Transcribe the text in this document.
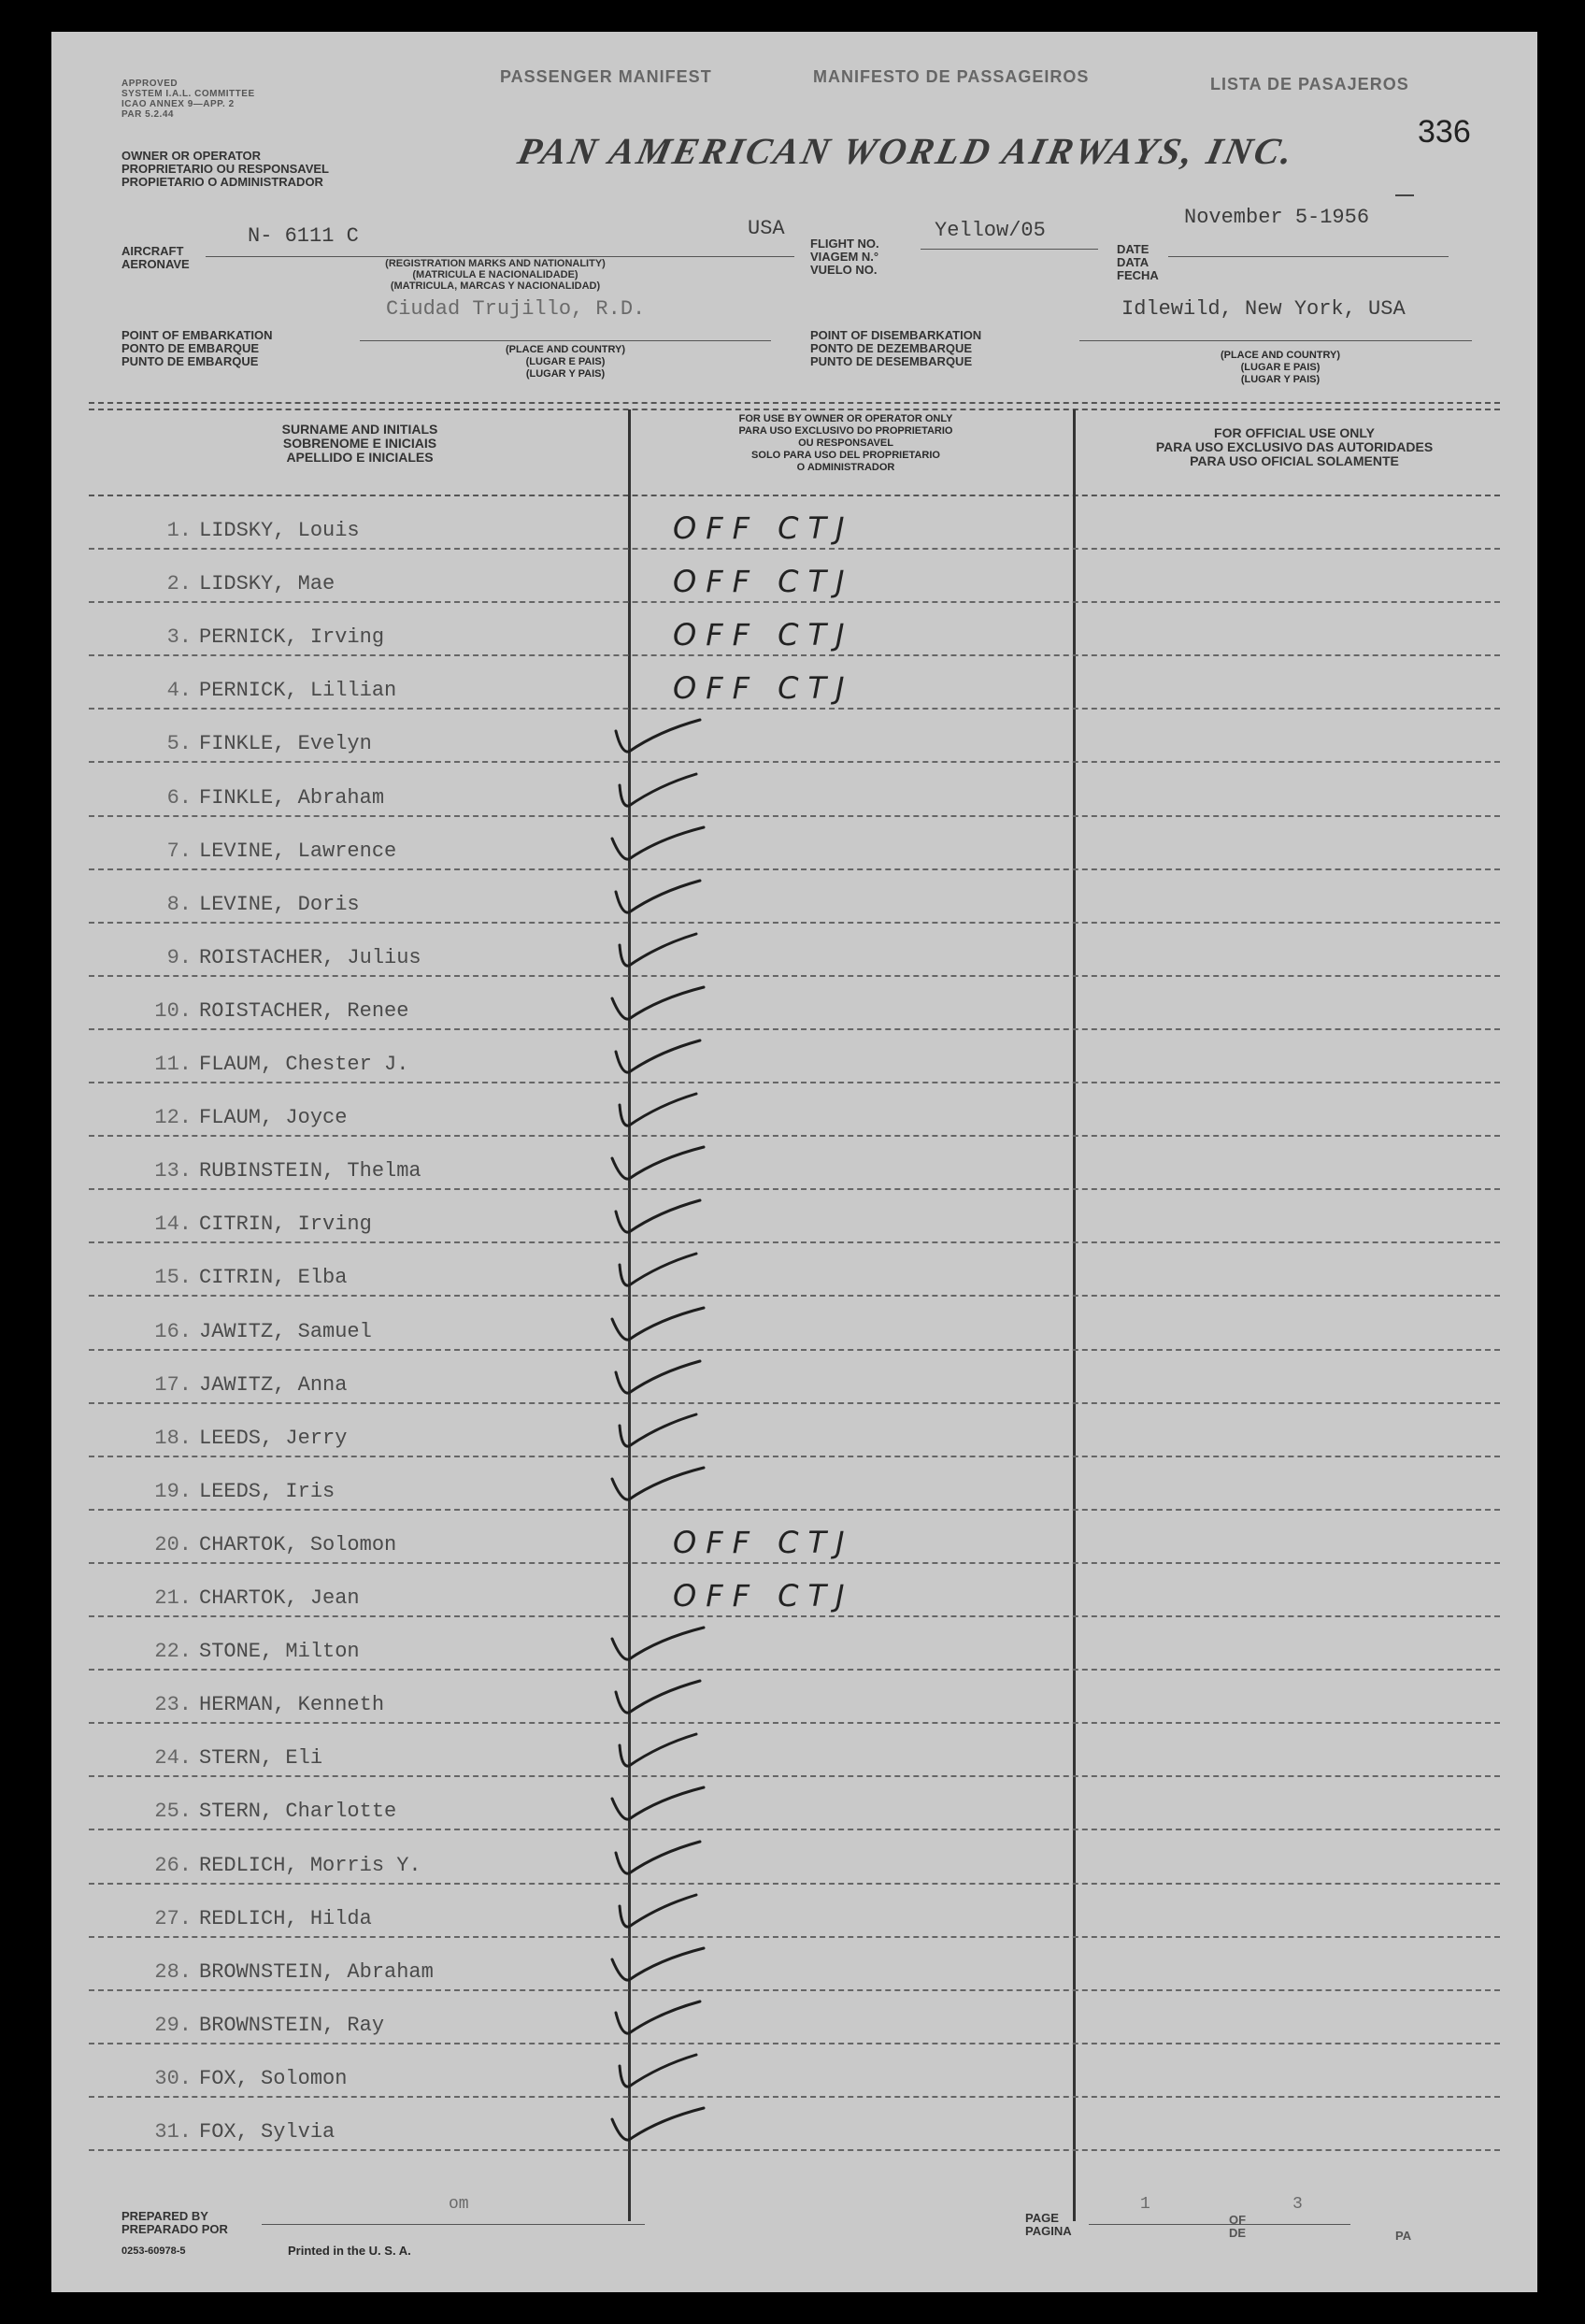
APPROVED
SYSTEM I.A.L. COMMITTEE
ICAO ANNEX 9—APP. 2
PAR 5.2.44
PASSENGER MANIFEST	MANIFESTO DE PASSAGEIROS	LISTA DE PASAJEROS
336
OWNER OR OPERATOR
PROPRIETARIO OU RESPONSAVEL
PROPIETARIO O ADMINISTRADOR
PAN AMERICAN WORLD AIRWAYS, INC.
AIRCRAFT
AERONAVE
N- 6111 C	USA
(REGISTRATION MARKS AND NATIONALITY)
(MATRICULA E NACIONALIDADE)
(MATRICULA, MARCAS Y NACIONALIDAD)
FLIGHT NO.
VIAGEM N.°
VUELO NO.
Yellow/05
DATE
DATA
FECHA
November 5-1956
POINT OF EMBARKATION
PONTO DE EMBARQUE
PUNTO DE EMBARQUE
Ciudad Trujillo, R.D.
(PLACE AND COUNTRY)
(LUGAR E PAIS)
(LUGAR Y PAIS)
POINT OF DISEMBARKATION
PONTO DE DEZEMBARQUE
PUNTO DE DESEMBARQUE
Idlewild, New York, USA
(PLACE AND COUNTRY)
(LUGAR E PAIS)
(LUGAR Y PAIS)
SURNAME AND INITIALS
SOBRENOME E INICIAIS
APELLIDO E INICIALES
FOR USE BY OWNER OR OPERATOR ONLY
PARA USO EXCLUSIVO DO PROPRIETARIO
OU RESPONSAVEL
SOLO PARA USO DEL PROPRIETARIO
O ADMINISTRADOR
FOR OFFICIAL USE ONLY
PARA USO EXCLUSIVO DAS AUTORIDADES
PARA USO OFICIAL SOLAMENTE
1. LIDSKY, Louis	OFF CTJ
2. LIDSKY, Mae	OFF CTJ
3. PERNICK, Irving	OFF CTJ
4. PERNICK, Lillian	OFF CTJ
5. FINKLE, Evelyn
6. FINKLE, Abraham
7. LEVINE, Lawrence
8. LEVINE, Doris
9. ROISTACHER, Julius
10. ROISTACHER, Renee
11. FLAUM, Chester J.
12. FLAUM, Joyce
13. RUBINSTEIN, Thelma
14. CITRIN, Irving
15. CITRIN, Elba
16. JAWITZ, Samuel
17. JAWITZ, Anna
18. LEEDS, Jerry
19. LEEDS, Iris
20. CHARTOK, Solomon	OFF CTJ
21. CHARTOK, Jean	OFF CTJ
22. STONE, Milton
23. HERMAN, Kenneth
24. STERN, Eli
25. STERN, Charlotte
26. REDLICH, Morris Y.
27. REDLICH, Hilda
28. BROWNSTEIN, Abraham
29. BROWNSTEIN, Ray
30. FOX, Solomon
31. FOX, Sylvia
PREPARED BY
PREPARADO POR
om
0253-60978-5	Printed in the U. S. A.
PAGE
PAGINA
1
OF
DE
3
PA
